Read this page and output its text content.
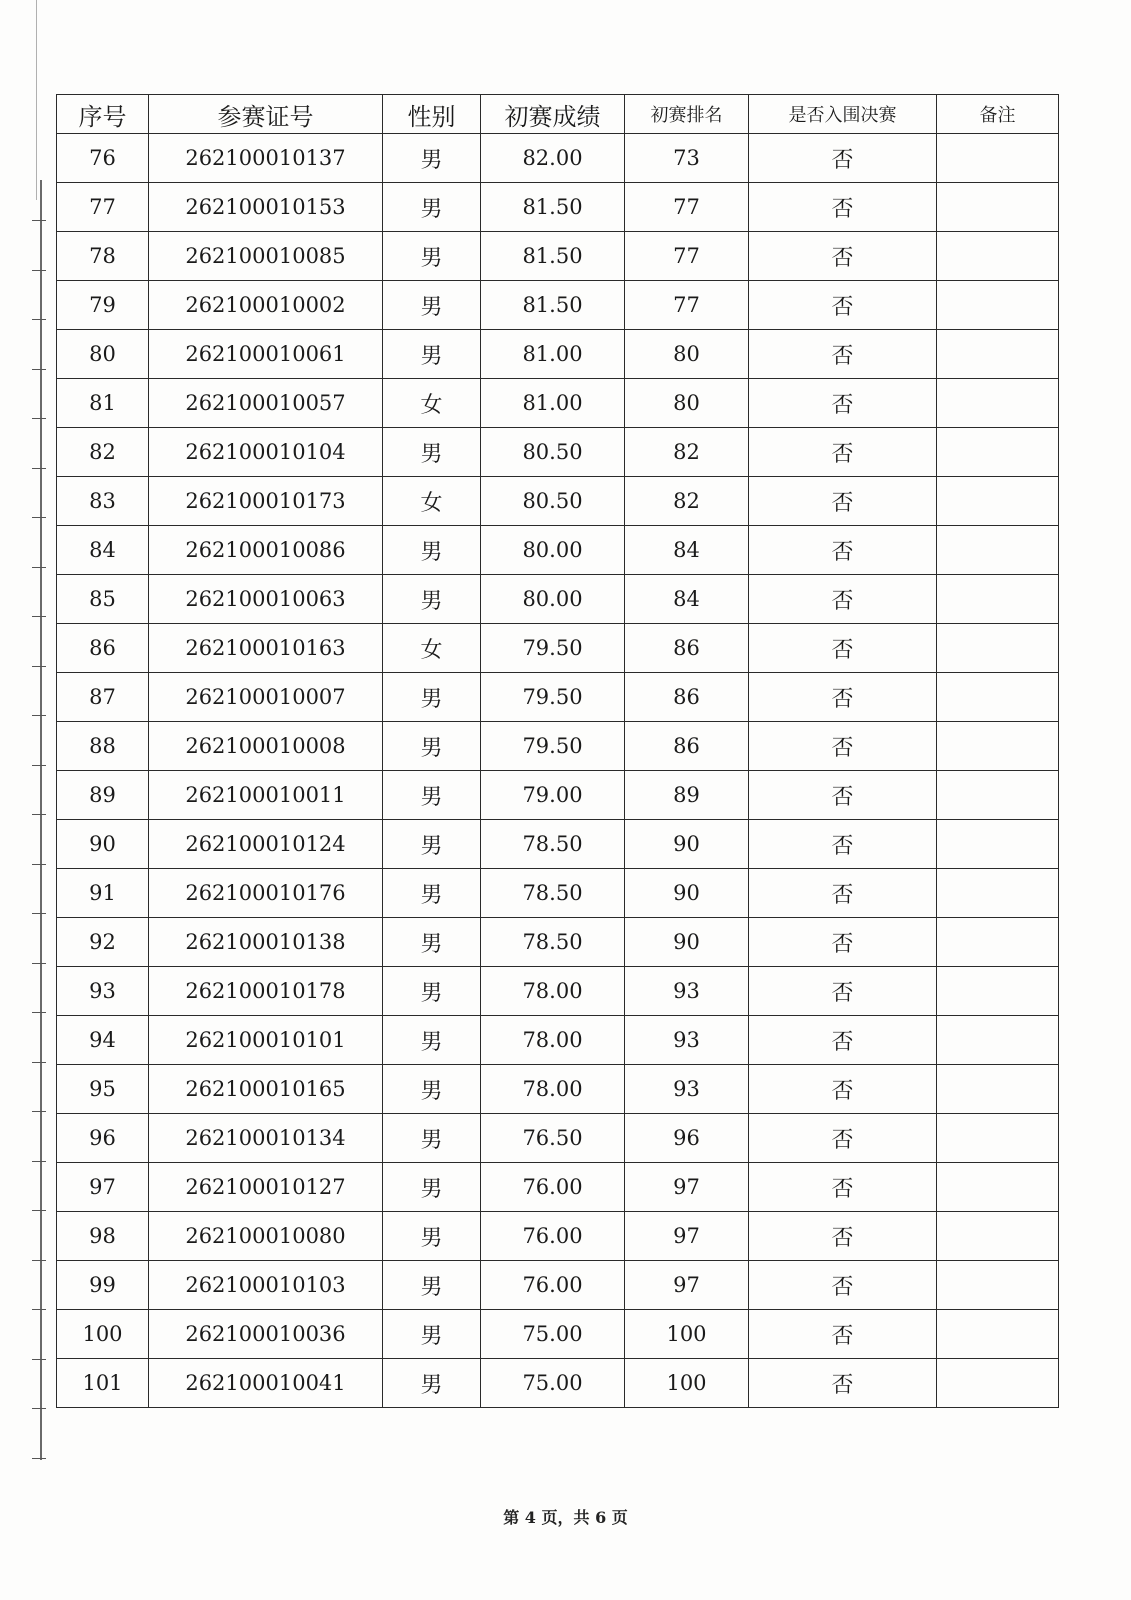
序号	参赛证号	性别	初赛成绩	初赛排名	是否入围决赛	备注
76	262100010137	男	82.00	73	否	
77	262100010153	男	81.50	77	否	
78	262100010085	男	81.50	77	否	
79	262100010002	男	81.50	77	否	
80	262100010061	男	81.00	80	否	
81	262100010057	女	81.00	80	否	
82	262100010104	男	80.50	82	否	
83	262100010173	女	80.50	82	否	
84	262100010086	男	80.00	84	否	
85	262100010063	男	80.00	84	否	
86	262100010163	女	79.50	86	否	
87	262100010007	男	79.50	86	否	
88	262100010008	男	79.50	86	否	
89	262100010011	男	79.00	89	否	
90	262100010124	男	78.50	90	否	
91	262100010176	男	78.50	90	否	
92	262100010138	男	78.50	90	否	
93	262100010178	男	78.00	93	否	
94	262100010101	男	78.00	93	否	
95	262100010165	男	78.00	93	否	
96	262100010134	男	76.50	96	否	
97	262100010127	男	76.00	97	否	
98	262100010080	男	76.00	97	否	
99	262100010103	男	76.00	97	否	
100	262100010036	男	75.00	100	否	
101	262100010041	男	75.00	100	否	
第 4 页，共 6 页
